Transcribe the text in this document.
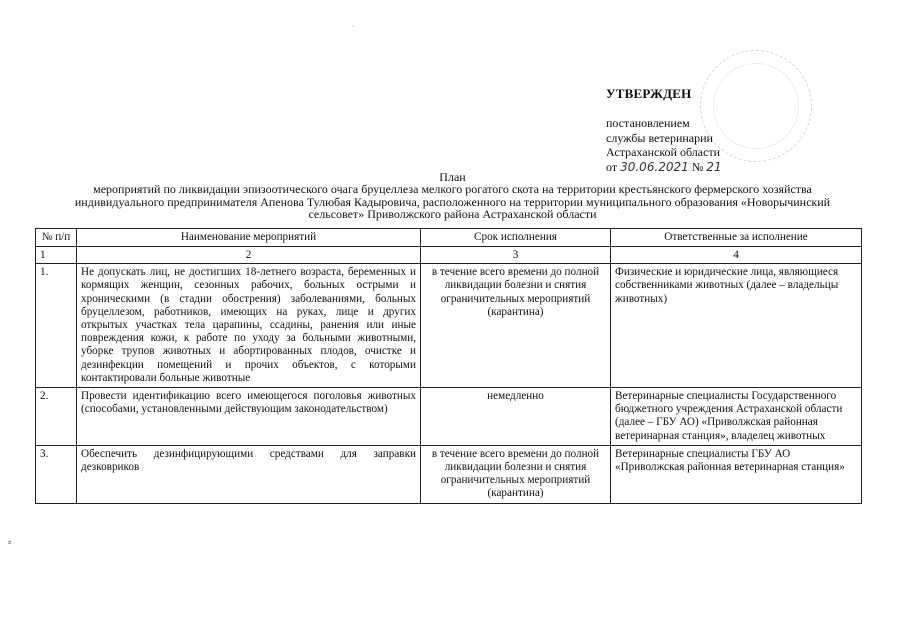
·
УТВЕРЖДЕН
постановлением
службы ветеринарии
Астраханской области
от 30.06.2021 № 21
План
мероприятий по ликвидации эпизоотического очага бруцеллеза мелкого рогатого скота на территории крестьянского фермерского хозяйства индивидуального предпринимателя Апенова Тулюбая Кадыровича, расположенного на территории муниципального образования «Новорычинский сельсовет» Приволжского района Астраханской области
№ п/п	Наименование мероприятий	Срок исполнения	Ответственные за исполнение
1	2	3	4
1.	Не допускать лиц, не достигших 18-летнего возраста, беременных и кормящих женщин, сезонных рабочих, больных острыми и хроническими (в стадии обострения) заболеваниями, больных бруцеллезом, работников, имеющих на руках, лице и других открытых участках тела царапины, ссадины, ранения или иные повреждения кожи, к работе по уходу за больными животными, уборке трупов животных и абортированных плодов, очистке и дезинфекции помещений и прочих объектов, с которыми контактировали больные животные	в течение всего времени до полной ликвидации болезни и снятия ограничительных мероприятий (карантина)	Физические и юридические лица, являющиеся собственниками животных (далее – владельцы животных)
2.	Провести идентификацию всего имеющегося поголовья животных (способами, установленными действующим законодательством)	немедленно	Ветеринарные специалисты Государственного бюджетного учреждения Астраханской области (далее – ГБУ АО) «Приволжская районная ветеринарная станция», владелец животных
3.	Обеспечить дезинфицирующими средствами для заправки дезковриков	в течение всего времени до полной ликвидации болезни и снятия ограничительных мероприятий (карантина)	Ветеринарные специалисты ГБУ АО «Приволжская районная ветеринарная станция»
⸗
